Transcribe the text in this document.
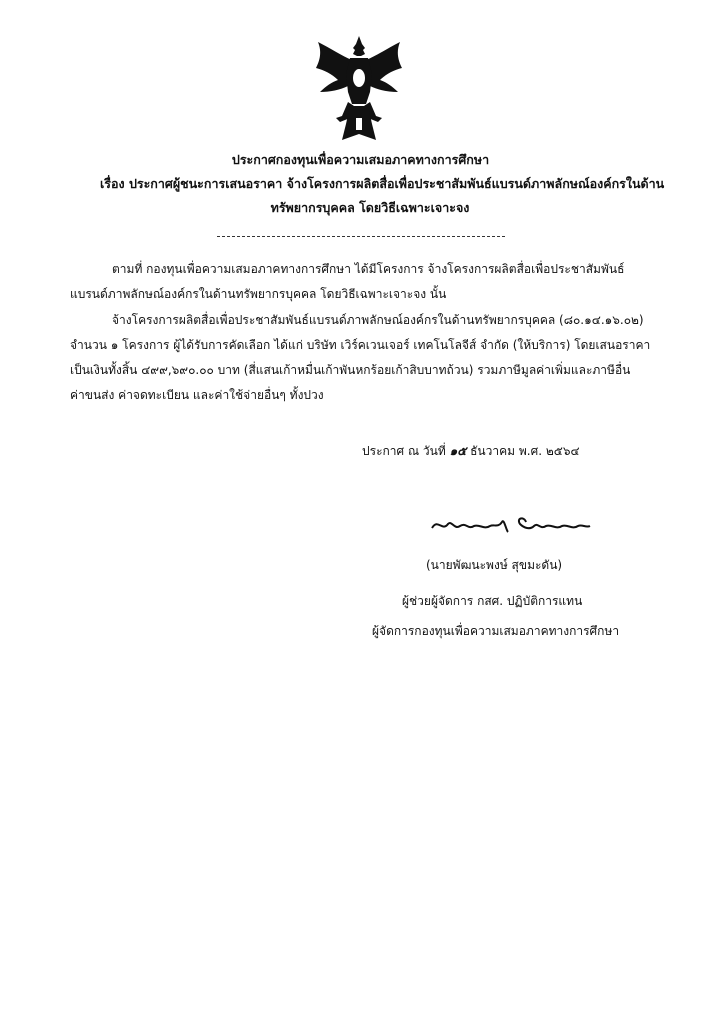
ประกาศกองทุนเพื่อความเสมอภาคทางการศึกษา
เรื่อง ประกาศผู้ชนะการเสนอราคา จ้างโครงการผลิตสื่อเพื่อประชาสัมพันธ์แบรนด์ภาพลักษณ์องค์กรในด้าน
ทรัพยากรบุคคล โดยวิธีเฉพาะเจาะจง
ตามที่ กองทุนเพื่อความเสมอภาคทางการศึกษา ได้มีโครงการ จ้างโครงการผลิตสื่อเพื่อประชาสัมพันธ์
แบรนด์ภาพลักษณ์องค์กรในด้านทรัพยากรบุคคล โดยวิธีเฉพาะเจาะจง นั้น
จ้างโครงการผลิตสื่อเพื่อประชาสัมพันธ์แบรนด์ภาพลักษณ์องค์กรในด้านทรัพยากรบุคคล (๘๐.๑๔.๑๖.๐๒)
จำนวน ๑ โครงการ ผู้ได้รับการคัดเลือก ได้แก่ บริษัท เวิร์คเวนเจอร์ เทคโนโลจีส์ จำกัด (ให้บริการ) โดยเสนอราคา
เป็นเงินทั้งสิ้น ๔๙๙,๖๙๐.๐๐ บาท (สี่แสนเก้าหมื่นเก้าพันหกร้อยเก้าสิบบาทถ้วน) รวมภาษีมูลค่าเพิ่มและภาษีอื่น
ค่าขนส่ง ค่าจดทะเบียน และค่าใช้จ่ายอื่นๆ ทั้งปวง
ประกาศ ณ วันที่ ๑๕ ธันวาคม พ.ศ. ๒๕๖๔
(นายพัฒนะพงษ์ สุขมะดัน)
ผู้ช่วยผู้จัดการ กสศ. ปฏิบัติการแทน
ผู้จัดการกองทุนเพื่อความเสมอภาคทางการศึกษา
